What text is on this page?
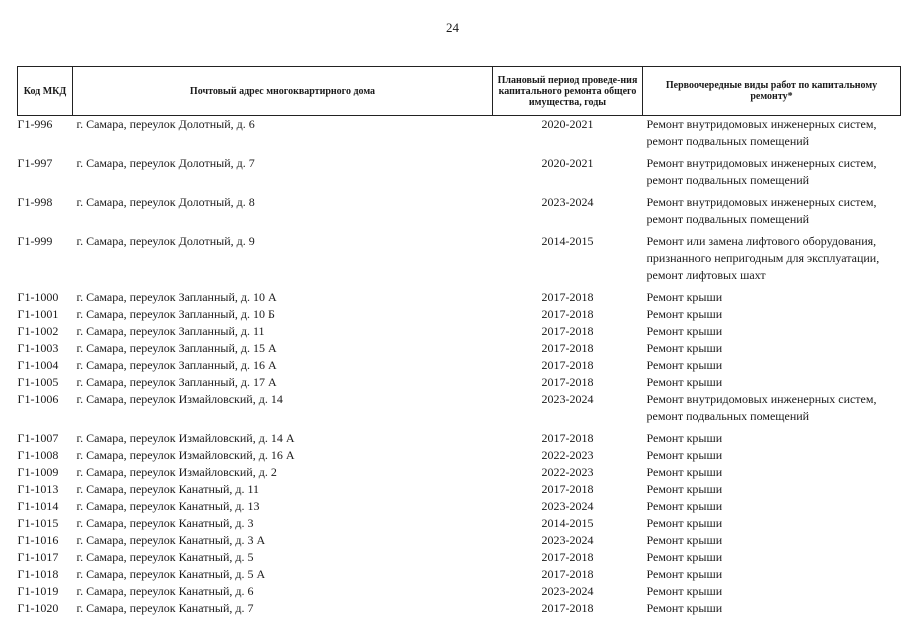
24
Код МКД	Почтовый адрес многоквартирного дома	Плановый период проведе-ния капитального ремонта общего имущества, годы	Первоочередные виды работ по капитальному ремонту*
Г1-996	г. Самара, переулок Долотный, д. 6	2020-2021	Ремонт внутридомовых инженерных систем, ремонт подвальных помещений
Г1-997	г. Самара, переулок Долотный, д. 7	2020-2021	Ремонт внутридомовых инженерных систем, ремонт подвальных помещений
Г1-998	г. Самара, переулок Долотный, д. 8	2023-2024	Ремонт внутридомовых инженерных систем, ремонт подвальных помещений
Г1-999	г. Самара, переулок Долотный, д. 9	2014-2015	Ремонт или замена лифтового оборудования, признанного непригодным для эксплуатации, ремонт лифтовых шахт
Г1-1000	г. Самара, переулок Запланный, д. 10 А	2017-2018	Ремонт крыши
Г1-1001	г. Самара, переулок Запланный, д. 10 Б	2017-2018	Ремонт крыши
Г1-1002	г. Самара, переулок Запланный, д. 11	2017-2018	Ремонт крыши
Г1-1003	г. Самара, переулок Запланный, д. 15 А	2017-2018	Ремонт крыши
Г1-1004	г. Самара, переулок Запланный, д. 16 А	2017-2018	Ремонт крыши
Г1-1005	г. Самара, переулок Запланный, д. 17 А	2017-2018	Ремонт крыши
Г1-1006	г. Самара, переулок Измайловский, д. 14	2023-2024	Ремонт внутридомовых инженерных систем, ремонт подвальных помещений
Г1-1007	г. Самара, переулок Измайловский, д. 14 А	2017-2018	Ремонт крыши
Г1-1008	г. Самара, переулок Измайловский, д. 16 А	2022-2023	Ремонт крыши
Г1-1009	г. Самара, переулок Измайловский, д. 2	2022-2023	Ремонт крыши
Г1-1013	г. Самара, переулок Канатный, д. 11	2017-2018	Ремонт крыши
Г1-1014	г. Самара, переулок Канатный, д. 13	2023-2024	Ремонт крыши
Г1-1015	г. Самара, переулок Канатный, д. 3	2014-2015	Ремонт крыши
Г1-1016	г. Самара, переулок Канатный, д. 3 А	2023-2024	Ремонт крыши
Г1-1017	г. Самара, переулок Канатный, д. 5	2017-2018	Ремонт крыши
Г1-1018	г. Самара, переулок Канатный, д. 5 А	2017-2018	Ремонт крыши
Г1-1019	г. Самара, переулок Канатный, д. 6	2023-2024	Ремонт крыши
Г1-1020	г. Самара, переулок Канатный, д. 7	2017-2018	Ремонт крыши
